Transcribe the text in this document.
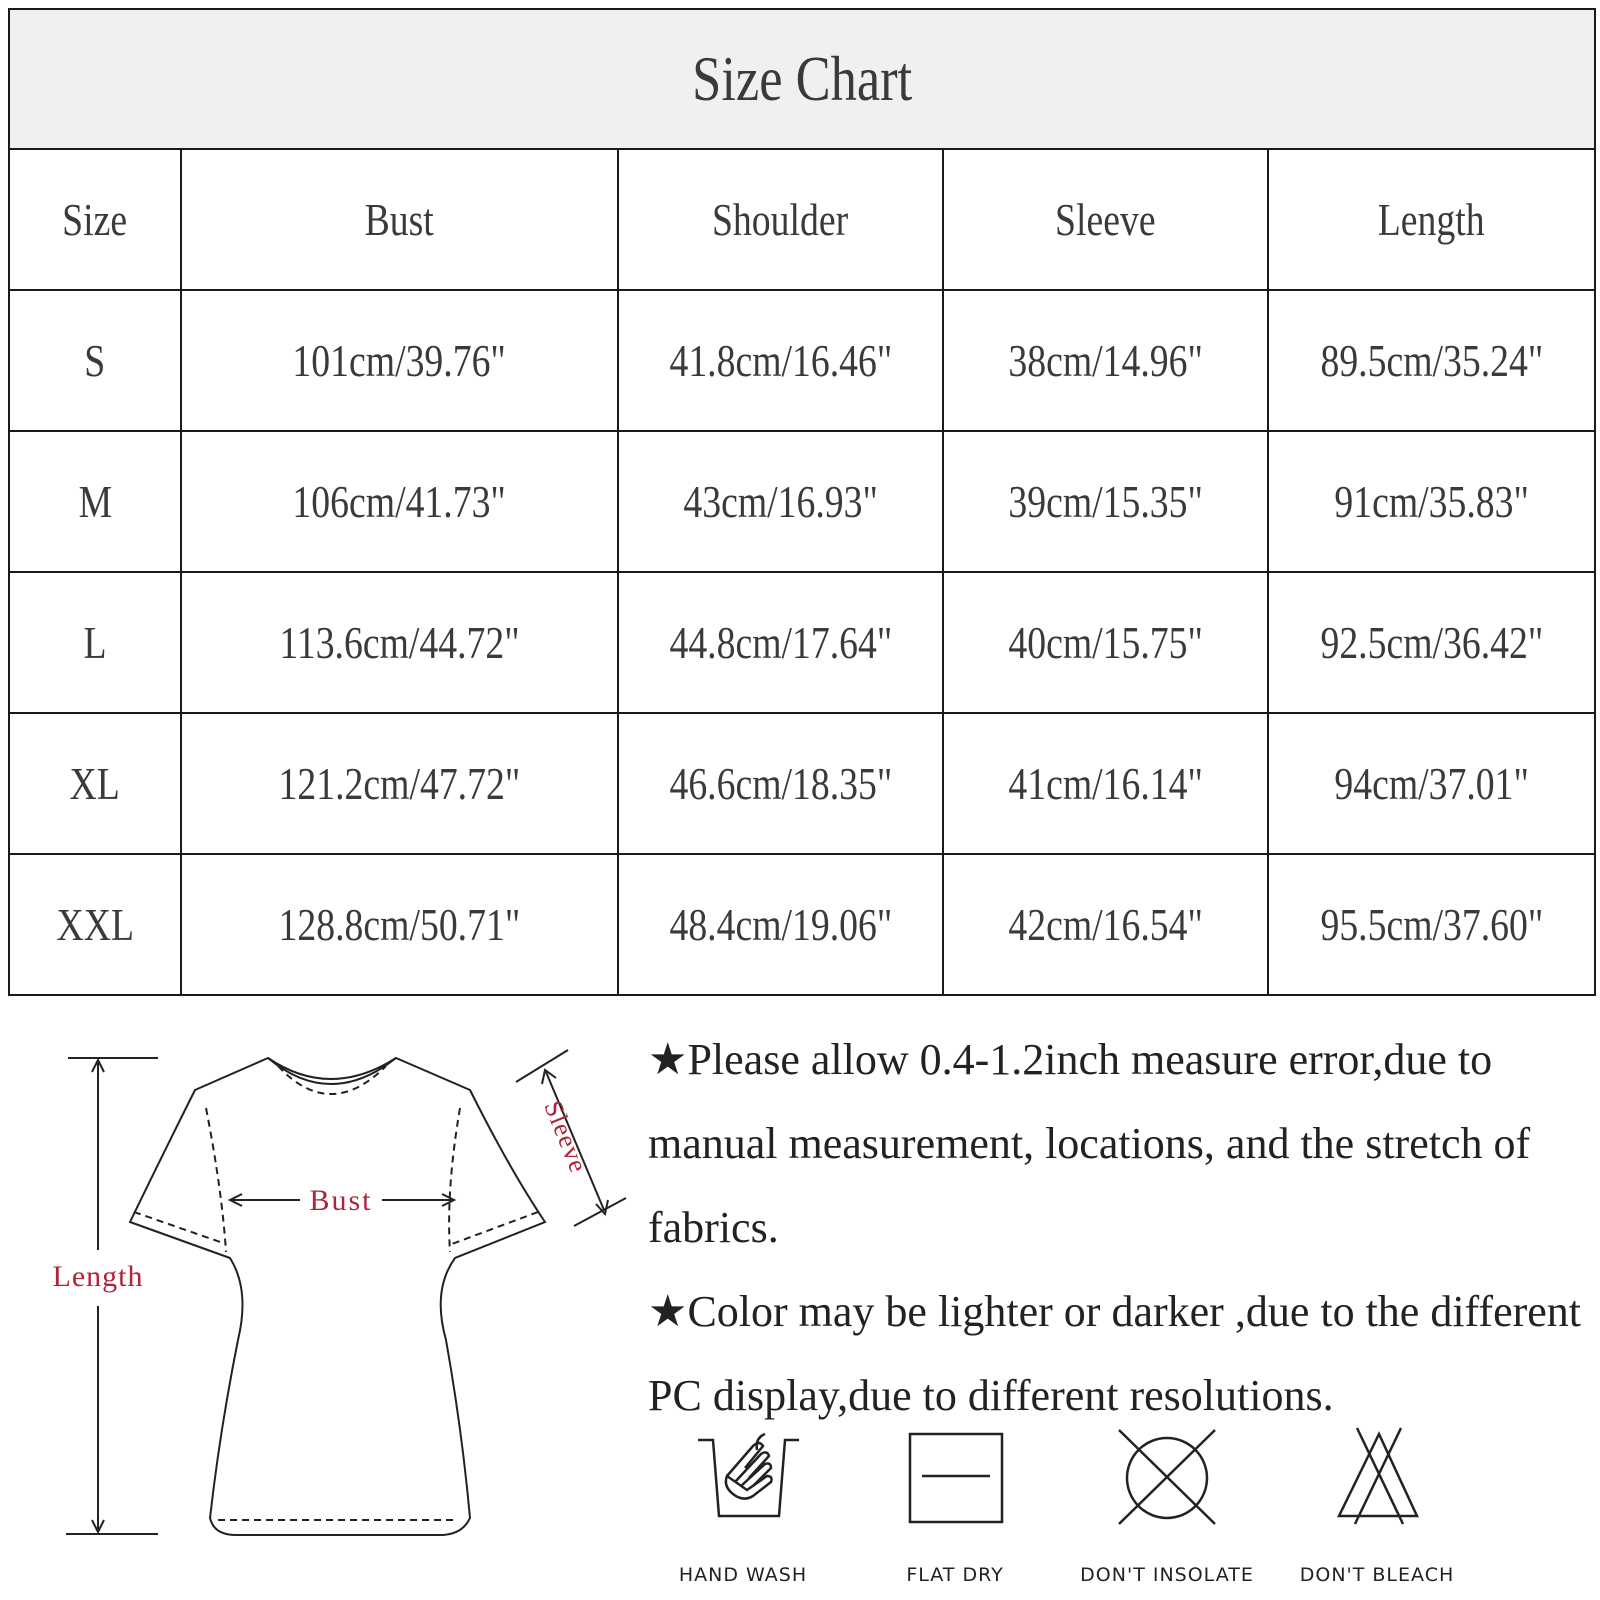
Size Chart				
Size	Bust	Shoulder	Sleeve	Length
S	101cm/39.76"	41.8cm/16.46"	38cm/14.96"	89.5cm/35.24"
M	106cm/41.73"	43cm/16.93"	39cm/15.35"	91cm/35.83"
L	113.6cm/44.72"	44.8cm/17.64"	40cm/15.75"	92.5cm/36.42"
XL	121.2cm/47.72"	46.6cm/18.35"	41cm/16.14"	94cm/37.01"
XXL	128.8cm/50.71"	48.4cm/19.06"	42cm/16.54"	95.5cm/37.60"
Length
Bust
Sleeve

★Please allow 0.4-1.2inch measure error,due to manual measurement, locations, and the stretch of fabrics.

★Color may be lighter or darker ,due to the different PC display,due to different resolutions.

HAND WASH	FLAT DRY	DON'T INSOLATE	DON'T BLEACH
